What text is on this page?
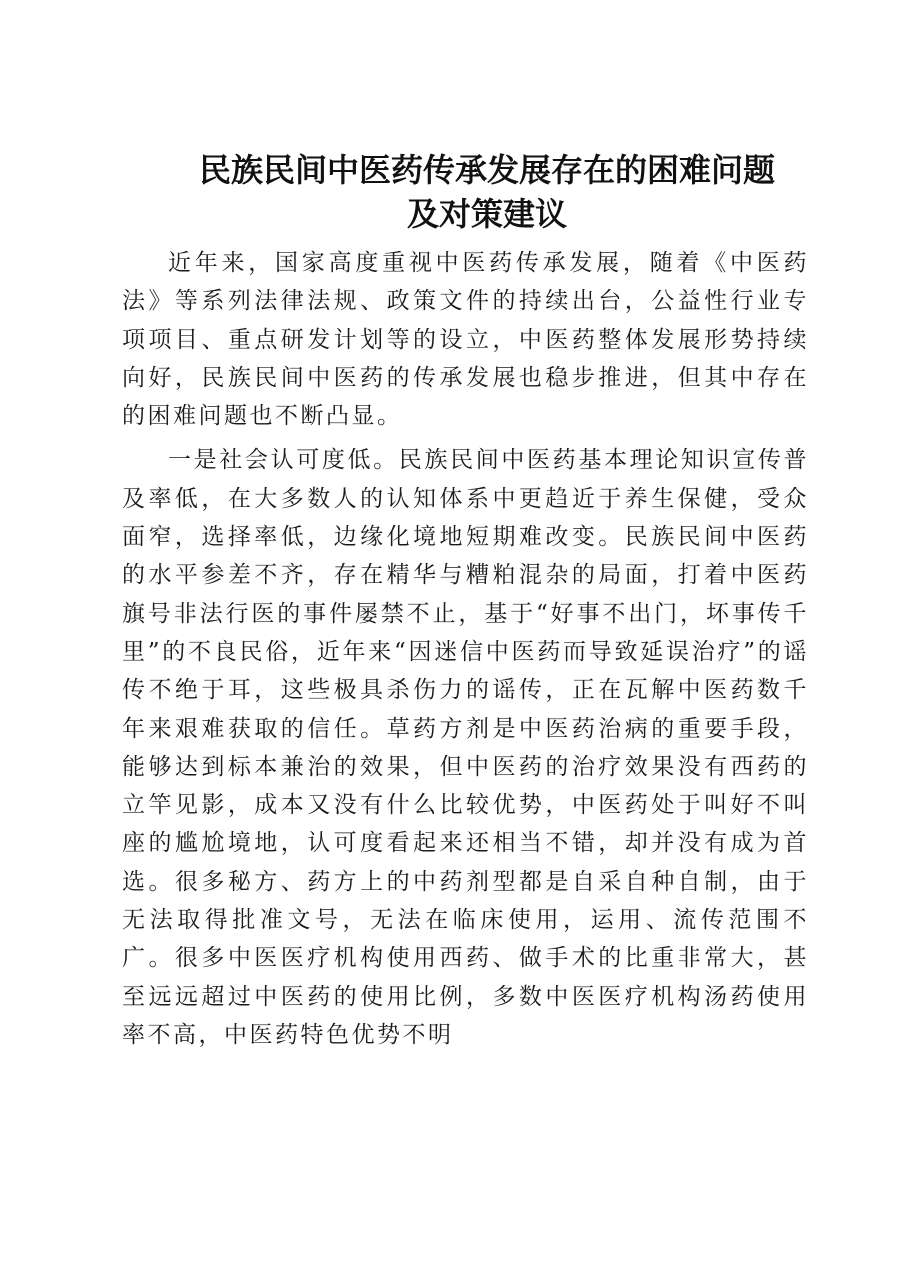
民族民间中医药传承发展存在的困难问题
及对策建议

近年来，国家高度重视中医药传承发展，随着《中医药法》等系列法律法规、政策文件的持续出台，公益性行业专项项目、重点研发计划等的设立，中医药整体发展形势持续向好，民族民间中医药的传承发展也稳步推进，但其中存在的困难问题也不断凸显。

一是社会认可度低。民族民间中医药基本理论知识宣传普及率低，在大多数人的认知体系中更趋近于养生保健，受众面窄，选择率低，边缘化境地短期难改变。民族民间中医药的水平参差不齐，存在精华与糟粕混杂的局面，打着中医药旗号非法行医的事件屡禁不止，基于“好事不出门，坏事传千里”的不良民俗，近年来“因迷信中医药而导致延误治疗”的谣传不绝于耳，这些极具杀伤力的谣传，正在瓦解中医药数千年来艰难获取的信任。草药方剂是中医药治病的重要手段，能够达到标本兼治的效果，但中医药的治疗效果没有西药的立竿见影，成本又没有什么比较优势，中医药处于叫好不叫座的尴尬境地，认可度看起来还相当不错，却并没有成为首选。很多秘方、药方上的中药剂型都是自采自种自制，由于无法取得批准文号，无法在临床使用，运用、流传范围不广。很多中医医疗机构使用西药、做手术的比重非常大，甚至远远超过中医药的使用比例，多数中医医疗机构汤药使用率不高，中医药特色优势不明
